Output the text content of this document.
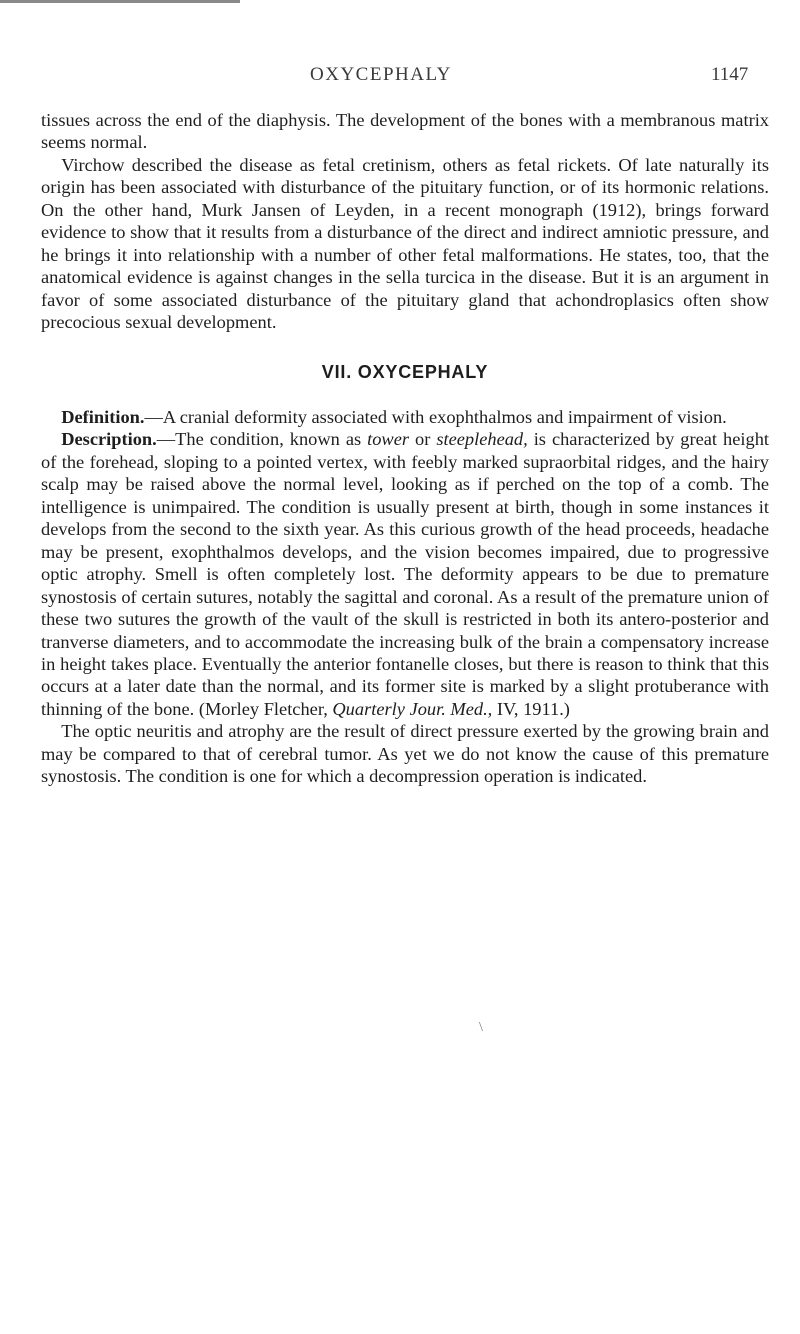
OXYCEPHALY	1147

tissues across the end of the diaphysis. The development of the bones with a membranous matrix seems normal.

Virchow described the disease as fetal cretinism, others as fetal rickets. Of late naturally its origin has been associated with disturbance of the pituitary function, or of its hormonic relations. On the other hand, Murk Jansen of Leyden, in a recent monograph (1912), brings forward evidence to show that it results from a disturbance of the direct and indirect amniotic pressure, and he brings it into relationship with a number of other fetal malformations. He states, too, that the anatomical evidence is against changes in the sella turcica in the disease. But it is an argument in favor of some associated disturbance of the pituitary gland that achondroplasics often show precocious sexual development.

VII. OXYCEPHALY

Definition.—A cranial deformity associated with exophthalmos and impairment of vision.

Description.—The condition, known as tower or steeplehead, is characterized by great height of the forehead, sloping to a pointed vertex, with feebly marked supraorbital ridges, and the hairy scalp may be raised above the normal level, looking as if perched on the top of a comb. The intelligence is unimpaired. The condition is usually present at birth, though in some instances it develops from the second to the sixth year. As this curious growth of the head proceeds, headache may be present, exophthalmos develops, and the vision becomes impaired, due to progressive optic atrophy. Smell is often completely lost. The deformity appears to be due to premature synostosis of certain sutures, notably the sagittal and coronal. As a result of the premature union of these two sutures the growth of the vault of the skull is restricted in both its antero-posterior and tranverse diameters, and to accommodate the increasing bulk of the brain a compensatory increase in height takes place. Eventually the anterior fontanelle closes, but there is reason to think that this occurs at a later date than the normal, and its former site is marked by a slight protuberance with thinning of the bone. (Morley Fletcher, Quarterly Jour. Med., IV, 1911.)

The optic neuritis and atrophy are the result of direct pressure exerted by the growing brain and may be compared to that of cerebral tumor. As yet we do not know the cause of this premature synostosis. The condition is one for which a decompression operation is indicated.

\
